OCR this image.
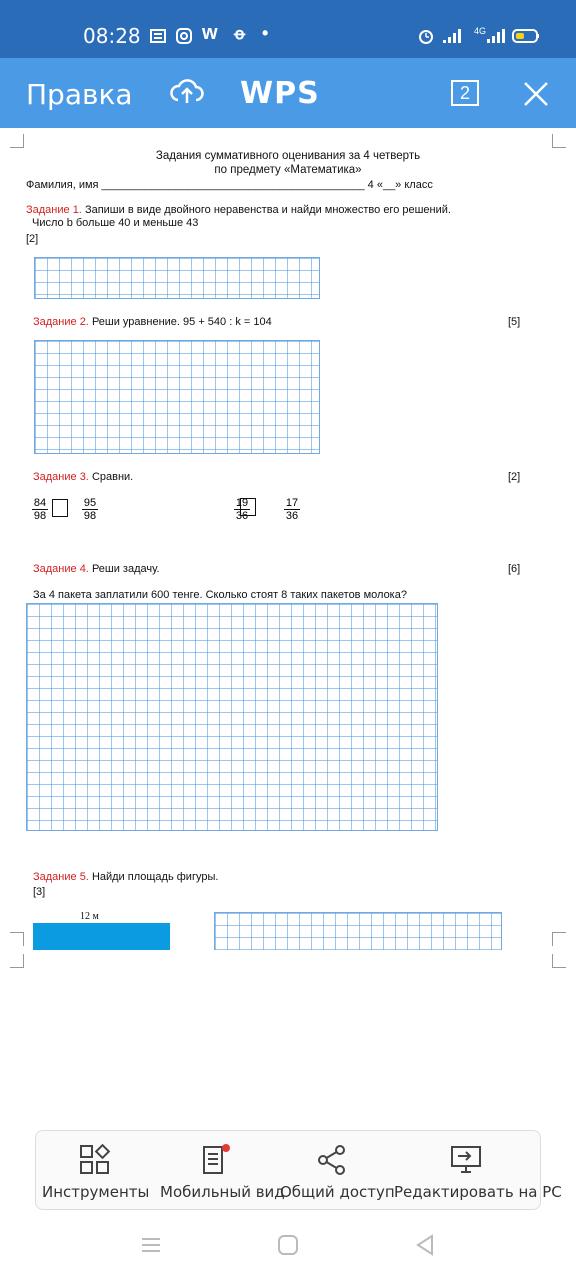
08:28	w ꝋ •	4G
Правка	WPS	2
Задания суммативного оценивания за 4 четверть
по предмету «Математика»
Фамилия, имя ___________________________________________ 4 «__» класс
Задание 1. Запиши в виде двойного неравенства и найди множество его решений.
Число b больше 40 и меньше 43
[2]
Задание 2. Реши уравнение. 95 + 540 : k = 104	[5]
Задание 3. Сравни.	[2]
$\frac{84}{98}$	$\frac{95}{98}$	$\frac{19}{36}$	$\frac{17}{36}$
Задание 4. Реши задачу.	[6]
За 4 пакета заплатили 600 тенге. Сколько стоят 8 таких пакетов молока?
Задание 5. Найди площадь фигуры.
[3]
12 м
Инструменты Мобильный вид
Общий доступ Редактировать на PC
